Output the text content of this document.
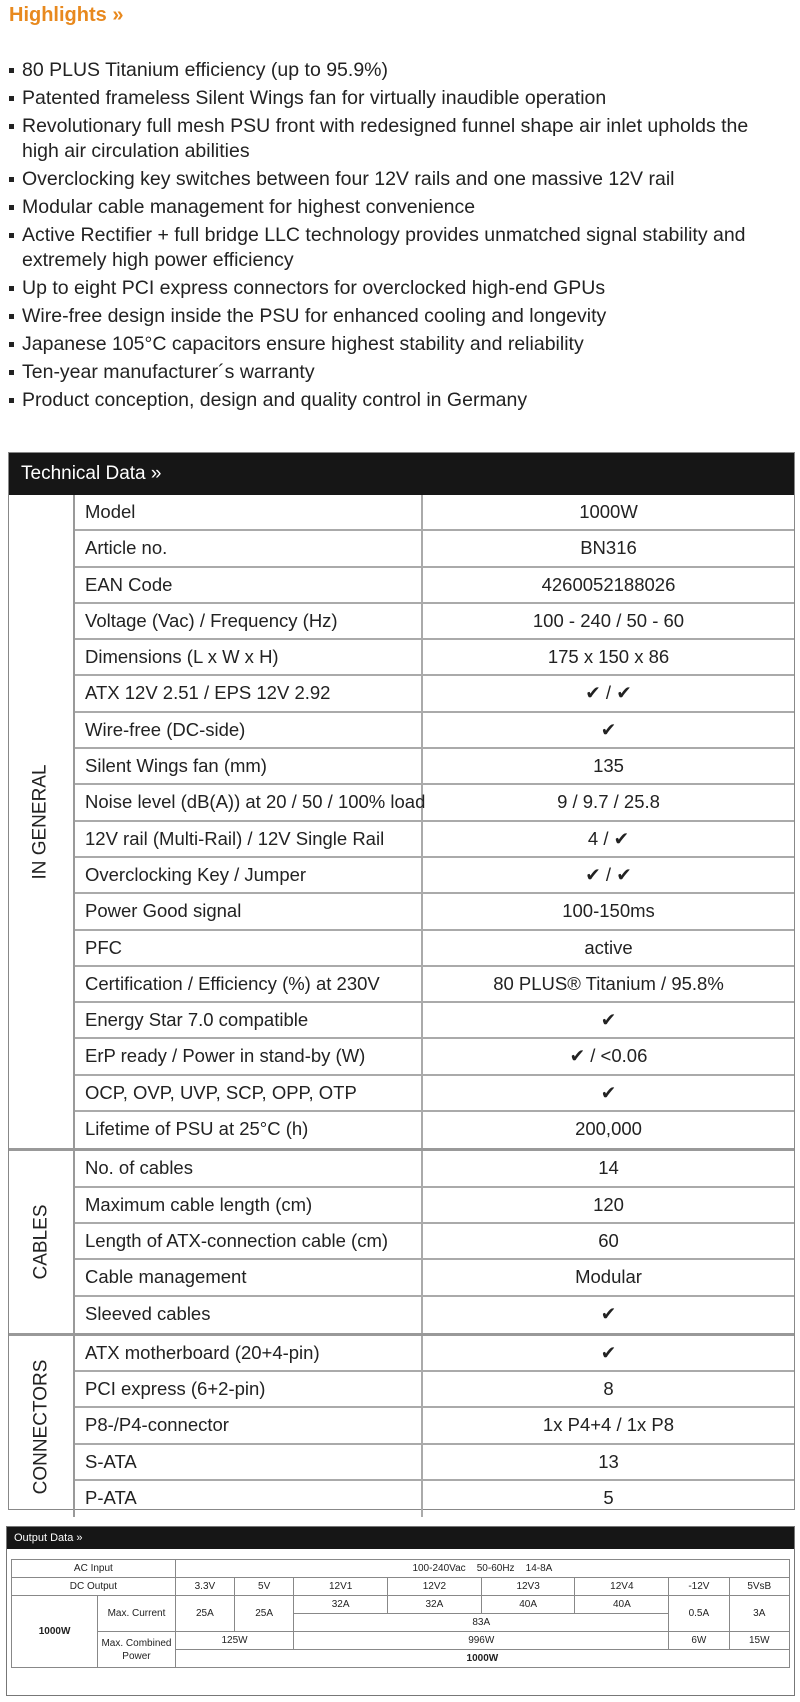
Highlights »
80 PLUS Titanium efficiency (up to 95.9%)
Patented frameless Silent Wings fan for virtually inaudible operation
Revolutionary full mesh PSU front with redesigned funnel shape air inlet upholds the high air circulation abilities
Overclocking key switches between four 12V rails and one massive 12V rail
Modular cable management for highest convenience
Active Rectifier + full bridge LLC technology provides unmatched signal stability and extremely high power efficiency
Up to eight PCI express connectors for overclocked high-end GPUs
Wire-free design inside the PSU for enhanced cooling and longevity
Japanese 105°C capacitors ensure highest stability and reliability
Ten-year manufacturer´s warranty
Product conception, design and quality control in Germany
Technical Data »
IN GENERAL
Model	1000W
Article no.	BN316
EAN Code	4260052188026
Voltage (Vac) / Frequency (Hz)	100 - 240 / 50 - 60
Dimensions (L x W x H)	175 x 150 x 86
ATX 12V 2.51 / EPS 12V 2.92	✔ / ✔
Wire-free (DC-side)	✔
Silent Wings fan (mm)	135
Noise level (dB(A)) at 20 / 50 / 100% load	9 / 9.7 / 25.8
12V rail (Multi-Rail) / 12V Single Rail	4 / ✔
Overclocking Key / Jumper	✔ / ✔
Power Good signal	100-150ms
PFC	active
Certification / Efficiency (%) at 230V	80 PLUS® Titanium / 95.8%
Energy Star 7.0 compatible	✔
ErP ready / Power in stand-by (W)	✔ / <0.06
OCP, OVP, UVP, SCP, OPP, OTP	✔
Lifetime of PSU at 25°C (h)	200,000
CABLES
No. of cables	14
Maximum cable length (cm)	120
Length of ATX-connection cable (cm)	60
Cable management	Modular
Sleeved cables	✔
CONNECTORS
ATX motherboard (20+4-pin)	✔
PCI express (6+2-pin)	8
P8-/P4-connector	1x P4+4 / 1x P8
S-ATA	13
P-ATA	5
Output Data »
AC Input		100-240Vac    50-60Hz    14-8A							
DC Output		3.3V	5V	12V1	12V2	12V3	12V4	-12V	5VsB
1000W	Max. Current	25A	25A	32A	32A	40A	40A	0.5A	3A
				83A					
	Max. Combined Power	125W		996W				6W	15W
		1000W							
